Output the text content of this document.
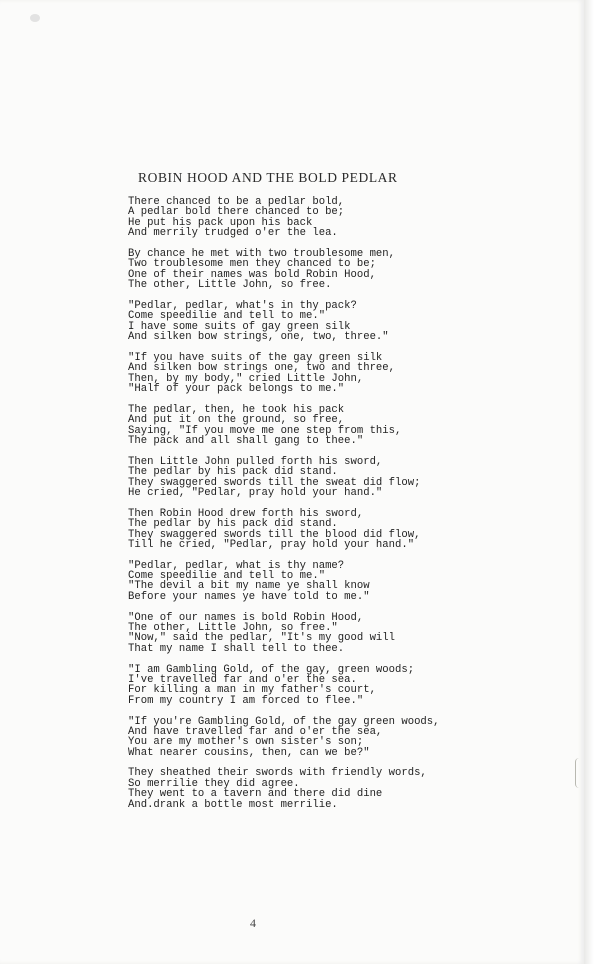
ROBIN HOOD AND THE BOLD PEDLAR
There chanced to be a pedlar bold,
A pedlar bold there chanced to be;
He put his pack upon his back
And merrily trudged o'er the lea.
By chance he met with two troublesome men,
Two troublesome men they chanced to be;
One of their names was bold Robin Hood,
The other, Little John, so free.
"Pedlar, pedlar, what's in thy pack?
Come speedilie and tell to me."
I have some suits of gay green silk
And silken bow strings, one, two, three."
"If you have suits of the gay green silk
And silken bow strings one, two and three,
Then, by my body," cried Little John,
"Half of your pack belongs to me."
The pedlar, then, he took his pack
And put it on the ground, so free,
Saying, "If you move me one step from this,
The pack and all shall gang to thee."
Then Little John pulled forth his sword,
The pedlar by his pack did stand.
They swaggered swords till the sweat did flow;
He cried, "Pedlar, pray hold your hand."
Then Robin Hood drew forth his sword,
The pedlar by his pack did stand.
They swaggered swords till the blood did flow,
Till he cried, "Pedlar, pray hold your hand."
"Pedlar, pedlar, what is thy name?
Come speedilie and tell to me."
"The devil a bit my name ye shall know
Before your names ye have told to me."
"One of our names is bold Robin Hood,
The other, Little John, so free."
"Now," said the pedlar, "It's my good will
That my name I shall tell to thee.
"I am Gambling Gold, of the gay, green woods;
I've travelled far and o'er the sea.
For killing a man in my father's court,
From my country I am forced to flee."
"If you're Gambling Gold, of the gay green woods,
And have travelled far and o'er the sea,
You are my mother's own sister's son;
What nearer cousins, then, can we be?"
They sheathed their swords with friendly words,
So merrilie they did agree.
They went to a tavern and there did dine
And.drank a bottle most merrilie.
4
